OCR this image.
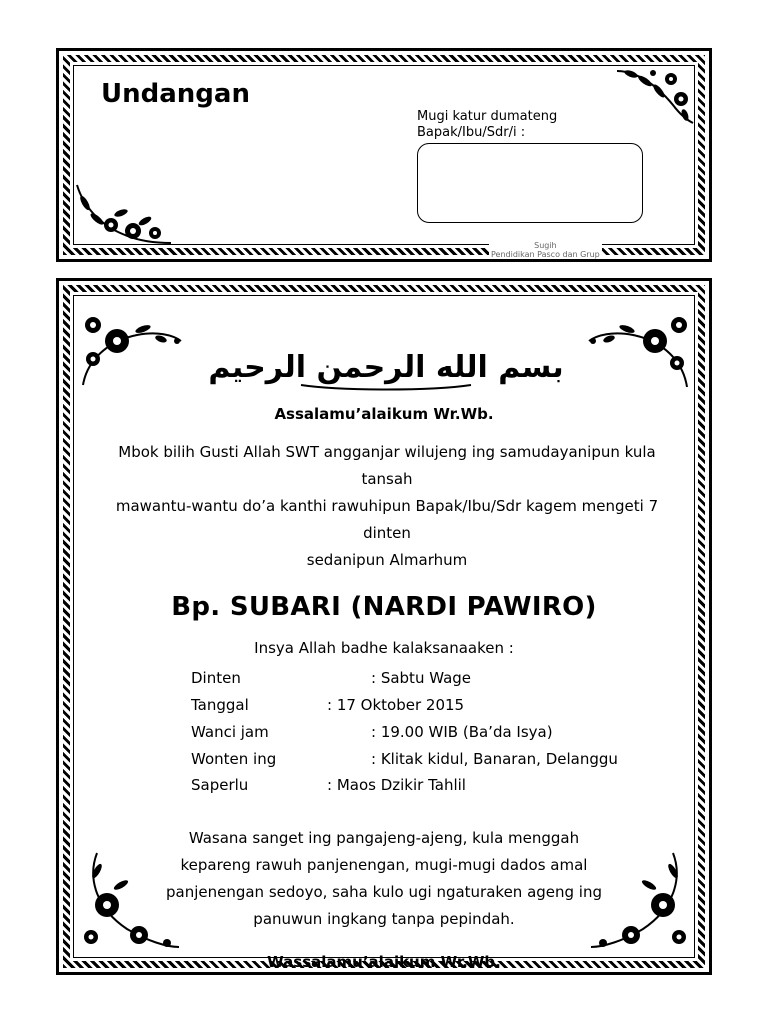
Undangan
Mugi katur dumateng
Bapak/Ibu/Sdr/i :
Sugih
Pendidikan Pasco dan Grup
بسم الله الرحمن الرحيم
Assalamu’alaikum Wr.Wb.
Mbok bilih Gusti Allah SWT angganjar wilujeng ing samudayanipun kula
tansah
mawantu-wantu do’a kanthi rawuhipun Bapak/Ibu/Sdr kagem mengeti 7
dinten
sedanipun Almarhum
Bp. SUBARI (NARDI PAWIRO)
Insya Allah badhe kalaksanaaken :
Dinten	: Sabtu Wage
Tanggal	: 17 Oktober 2015
Wanci jam	: 19.00 WIB (Ba’da Isya)
Wonten ing	: Klitak kidul, Banaran, Delanggu
Saperlu	: Maos Dzikir Tahlil
Wasana sanget ing pangajeng-ajeng, kula menggah
kepareng rawuh panjenengan, mugi-mugi dados amal
panjenengan sedoyo, saha kulo ugi ngaturaken ageng ing
panuwun ingkang tanpa pepindah.
Wassalamu’alaikum Wr.Wb.
